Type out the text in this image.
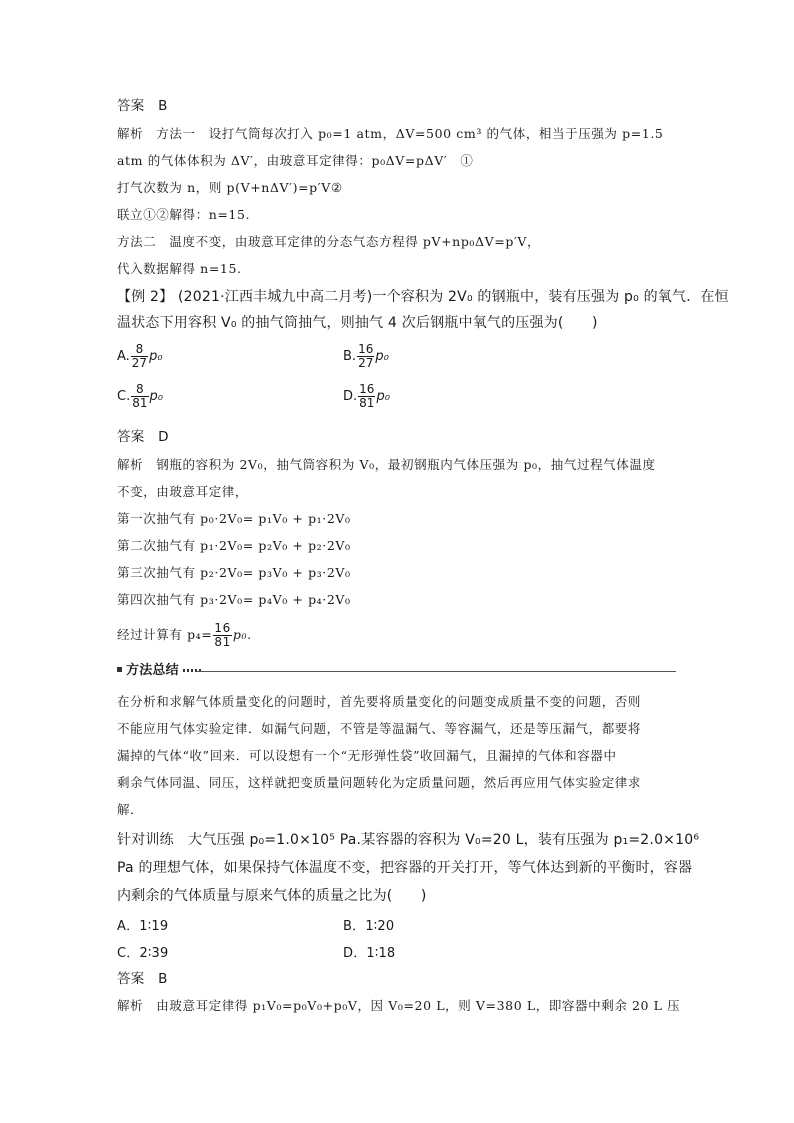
答案　B
解析　方法一　设打气筒每次打入 p₀=1 atm，ΔV=500 cm³ 的气体，相当于压强为 p=1.5
atm 的气体体积为 ΔV′，由玻意耳定律得：p₀ΔV=pΔV′　①
打气次数为 n，则 p(V+nΔV′)=p′V②
联立①②解得：n=15.
方法二　温度不变，由玻意耳定律的分态气态方程得 pV+np₀ΔV=p′V，
代入数据解得 n=15.
【例 2】 (2021·江西丰城九中高二月考)一个容积为 2V₀ 的钢瓶中，装有压强为 p₀ 的氧气．在恒
温状态下用容积 V₀ 的抽气筒抽气，则抽气 4 次后钢瓶中氧气的压强为(　　)
A. $\frac{8}{27} p_0$	B. $\frac{16}{27} p_0$
C. $\frac{8}{81} p_0$	D. $\frac{16}{81} p_0$
答案　D
解析　钢瓶的容积为 2V₀，抽气筒容积为 V₀，最初钢瓶内气体压强为 p₀，抽气过程气体温度
不变，由玻意耳定律，
第一次抽气有 p₀·2V₀= p₁V₀ + p₁·2V₀
第二次抽气有 p₁·2V₀= p₂V₀ + p₂·2V₀
第三次抽气有 p₂·2V₀= p₃V₀ + p₃·2V₀
第四次抽气有 p₃·2V₀= p₄V₀ + p₄·2V₀
经过计算有 $p_4= \frac{16}{81} p_0$.
方法总结
在分析和求解气体质量变化的问题时，首先要将质量变化的问题变成质量不变的问题，否则
不能应用气体实验定律．如漏气问题，不管是等温漏气、等容漏气，还是等压漏气，都要将
漏掉的气体“收”回来．可以设想有一个“无形弹性袋”收回漏气，且漏掉的气体和容器中
剩余气体同温、同压，这样就把变质量问题转化为定质量问题，然后再应用气体实验定律求
解．
针对训练　大气压强 p₀=1.0×10⁵ Pa.某容器的容积为 V₀=20 L，装有压强为 p₁=2.0×10⁶
Pa 的理想气体，如果保持气体温度不变，把容器的开关打开，等气体达到新的平衡时，容器
内剩余的气体质量与原来气体的质量之比为(　　)
A．1∶19	B．1∶20
C．2∶39	D．1∶18
答案　B
解析　由玻意耳定律得 p₁V₀=p₀V₀+p₀V，因 V₀=20 L，则 V=380 L，即容器中剩余 20 L 压
